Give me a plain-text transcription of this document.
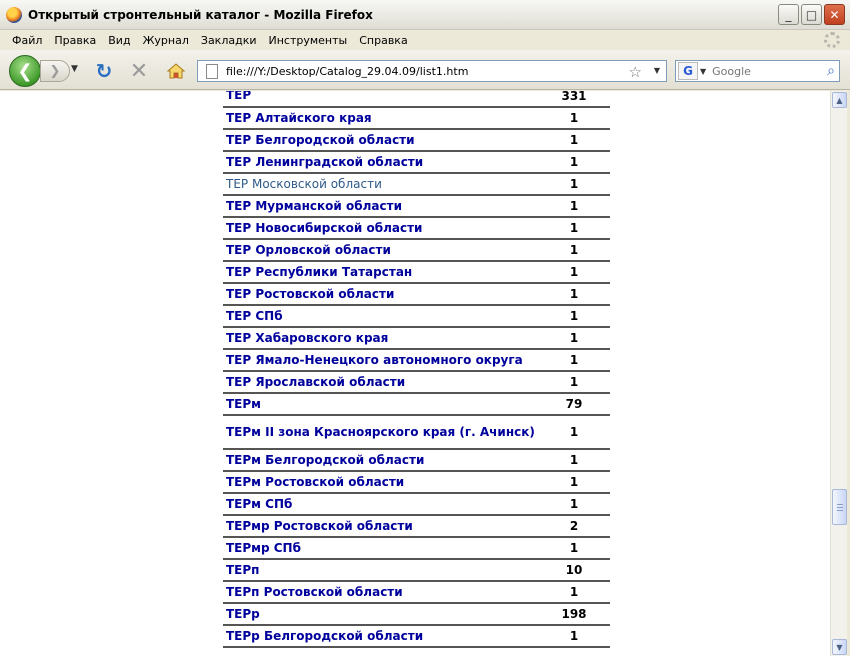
Открытый стронтельный каталог - Mozilla Firefox	_	□	✕
Файл	Правка	Вид	Журнал	Закладки	Инструменты	Справка
❮ ❯ ▼ ↻ ✕	file:///Y:/Desktop/Catalog_29.04.09/list1.htm	☆ ▼	G ▼
Google	⌕
ТЕР	331
ТЕР Алтайского края	1
ТЕР Белгородской области	1
ТЕР Ленинградской области	1
ТЕР Московской области	1
ТЕР Мурманской области	1
ТЕР Новосибирской области	1
ТЕР Орловской области	1
ТЕР Республики Татарстан	1
ТЕР Ростовской области	1
ТЕР СПб	1
ТЕР Хабаровского края	1
ТЕР Ямало-Ненецкого автономного округа	1
ТЕР Ярославской области	1
ТЕРм	79
ТЕРм II зона Красноярского края (г. Ачинск)	1
ТЕРм Белгородской области	1
ТЕРм Ростовской области	1
ТЕРм СПб	1
ТЕРмр Ростовской области	2
ТЕРмр СПб	1
ТЕРп	10
ТЕРп Ростовской области	1
ТЕРр	198
ТЕРр Белгородской области	1
▲
▼
